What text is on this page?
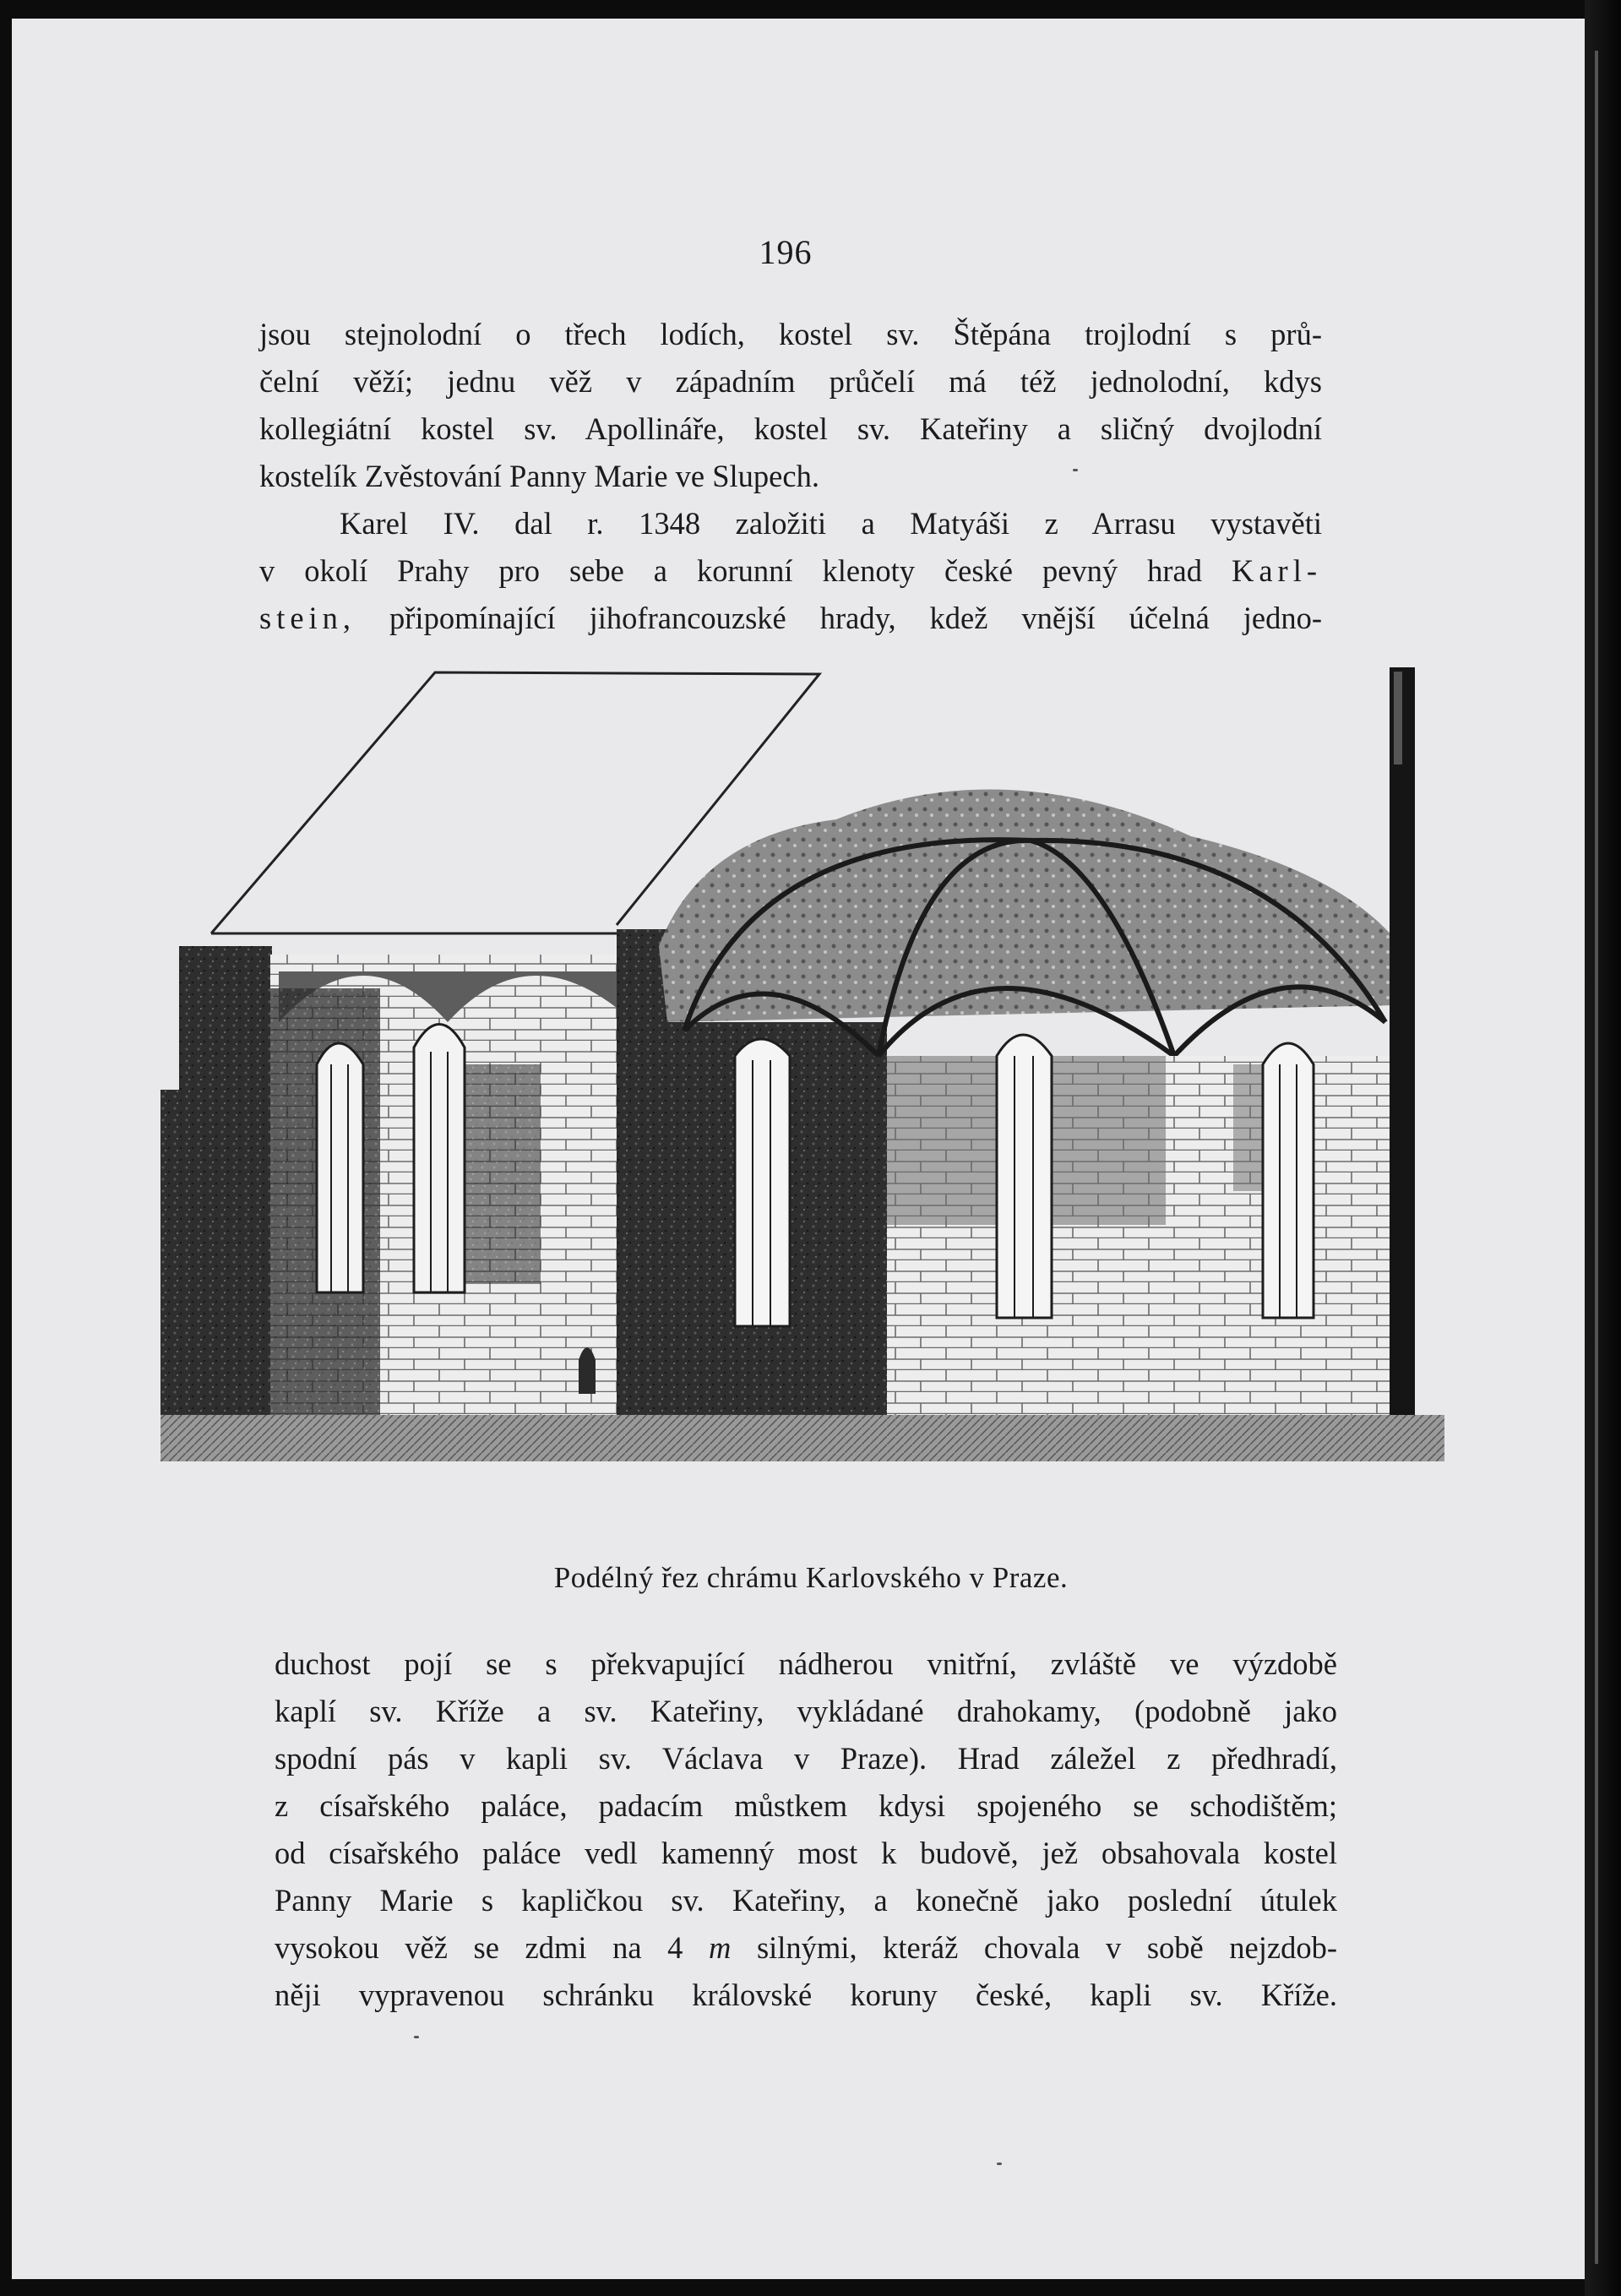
196
jsou stejnolodní o třech lodích, kostel sv. Štěpána trojlodní s prů-
čelní věží; jednu věž v západním průčelí má též jednolodní, kdys
kollegiátní kostel sv. Apollináře, kostel sv. Kateřiny a sličný dvojlodní
kostelík Zvěstování Panny Marie ve Slupech.
Karel IV. dal r. 1348 založiti a Matyáši z Arrasu vystavěti
v okolí Prahy pro sebe a korunní klenoty české pevný hrad Karl-
stein, připomínající jihofrancouzské hrady, kdež vnější účelná jedno-
Podélný řez chrámu Karlovského v Praze.
duchost pojí se s překvapující nádherou vnitřní, zvláště ve výzdobě
kaplí sv. Kříže a sv. Kateřiny, vykládané drahokamy, (podobně jako
spodní pás v kapli sv. Václava v Praze). Hrad záležel z předhradí,
z císařského paláce, padacím můstkem kdysi spojeného se schodištěm;
od císařského paláce vedl kamenný most k budově, jež obsahovala kostel
Panny Marie s kapličkou sv. Kateřiny, a konečně jako poslední útulek
vysokou věž se zdmi na 4 m silnými, kteráž chovala v sobě nejzdob-
něji vypravenou schránku královské koruny české, kapli sv. Kříže.
